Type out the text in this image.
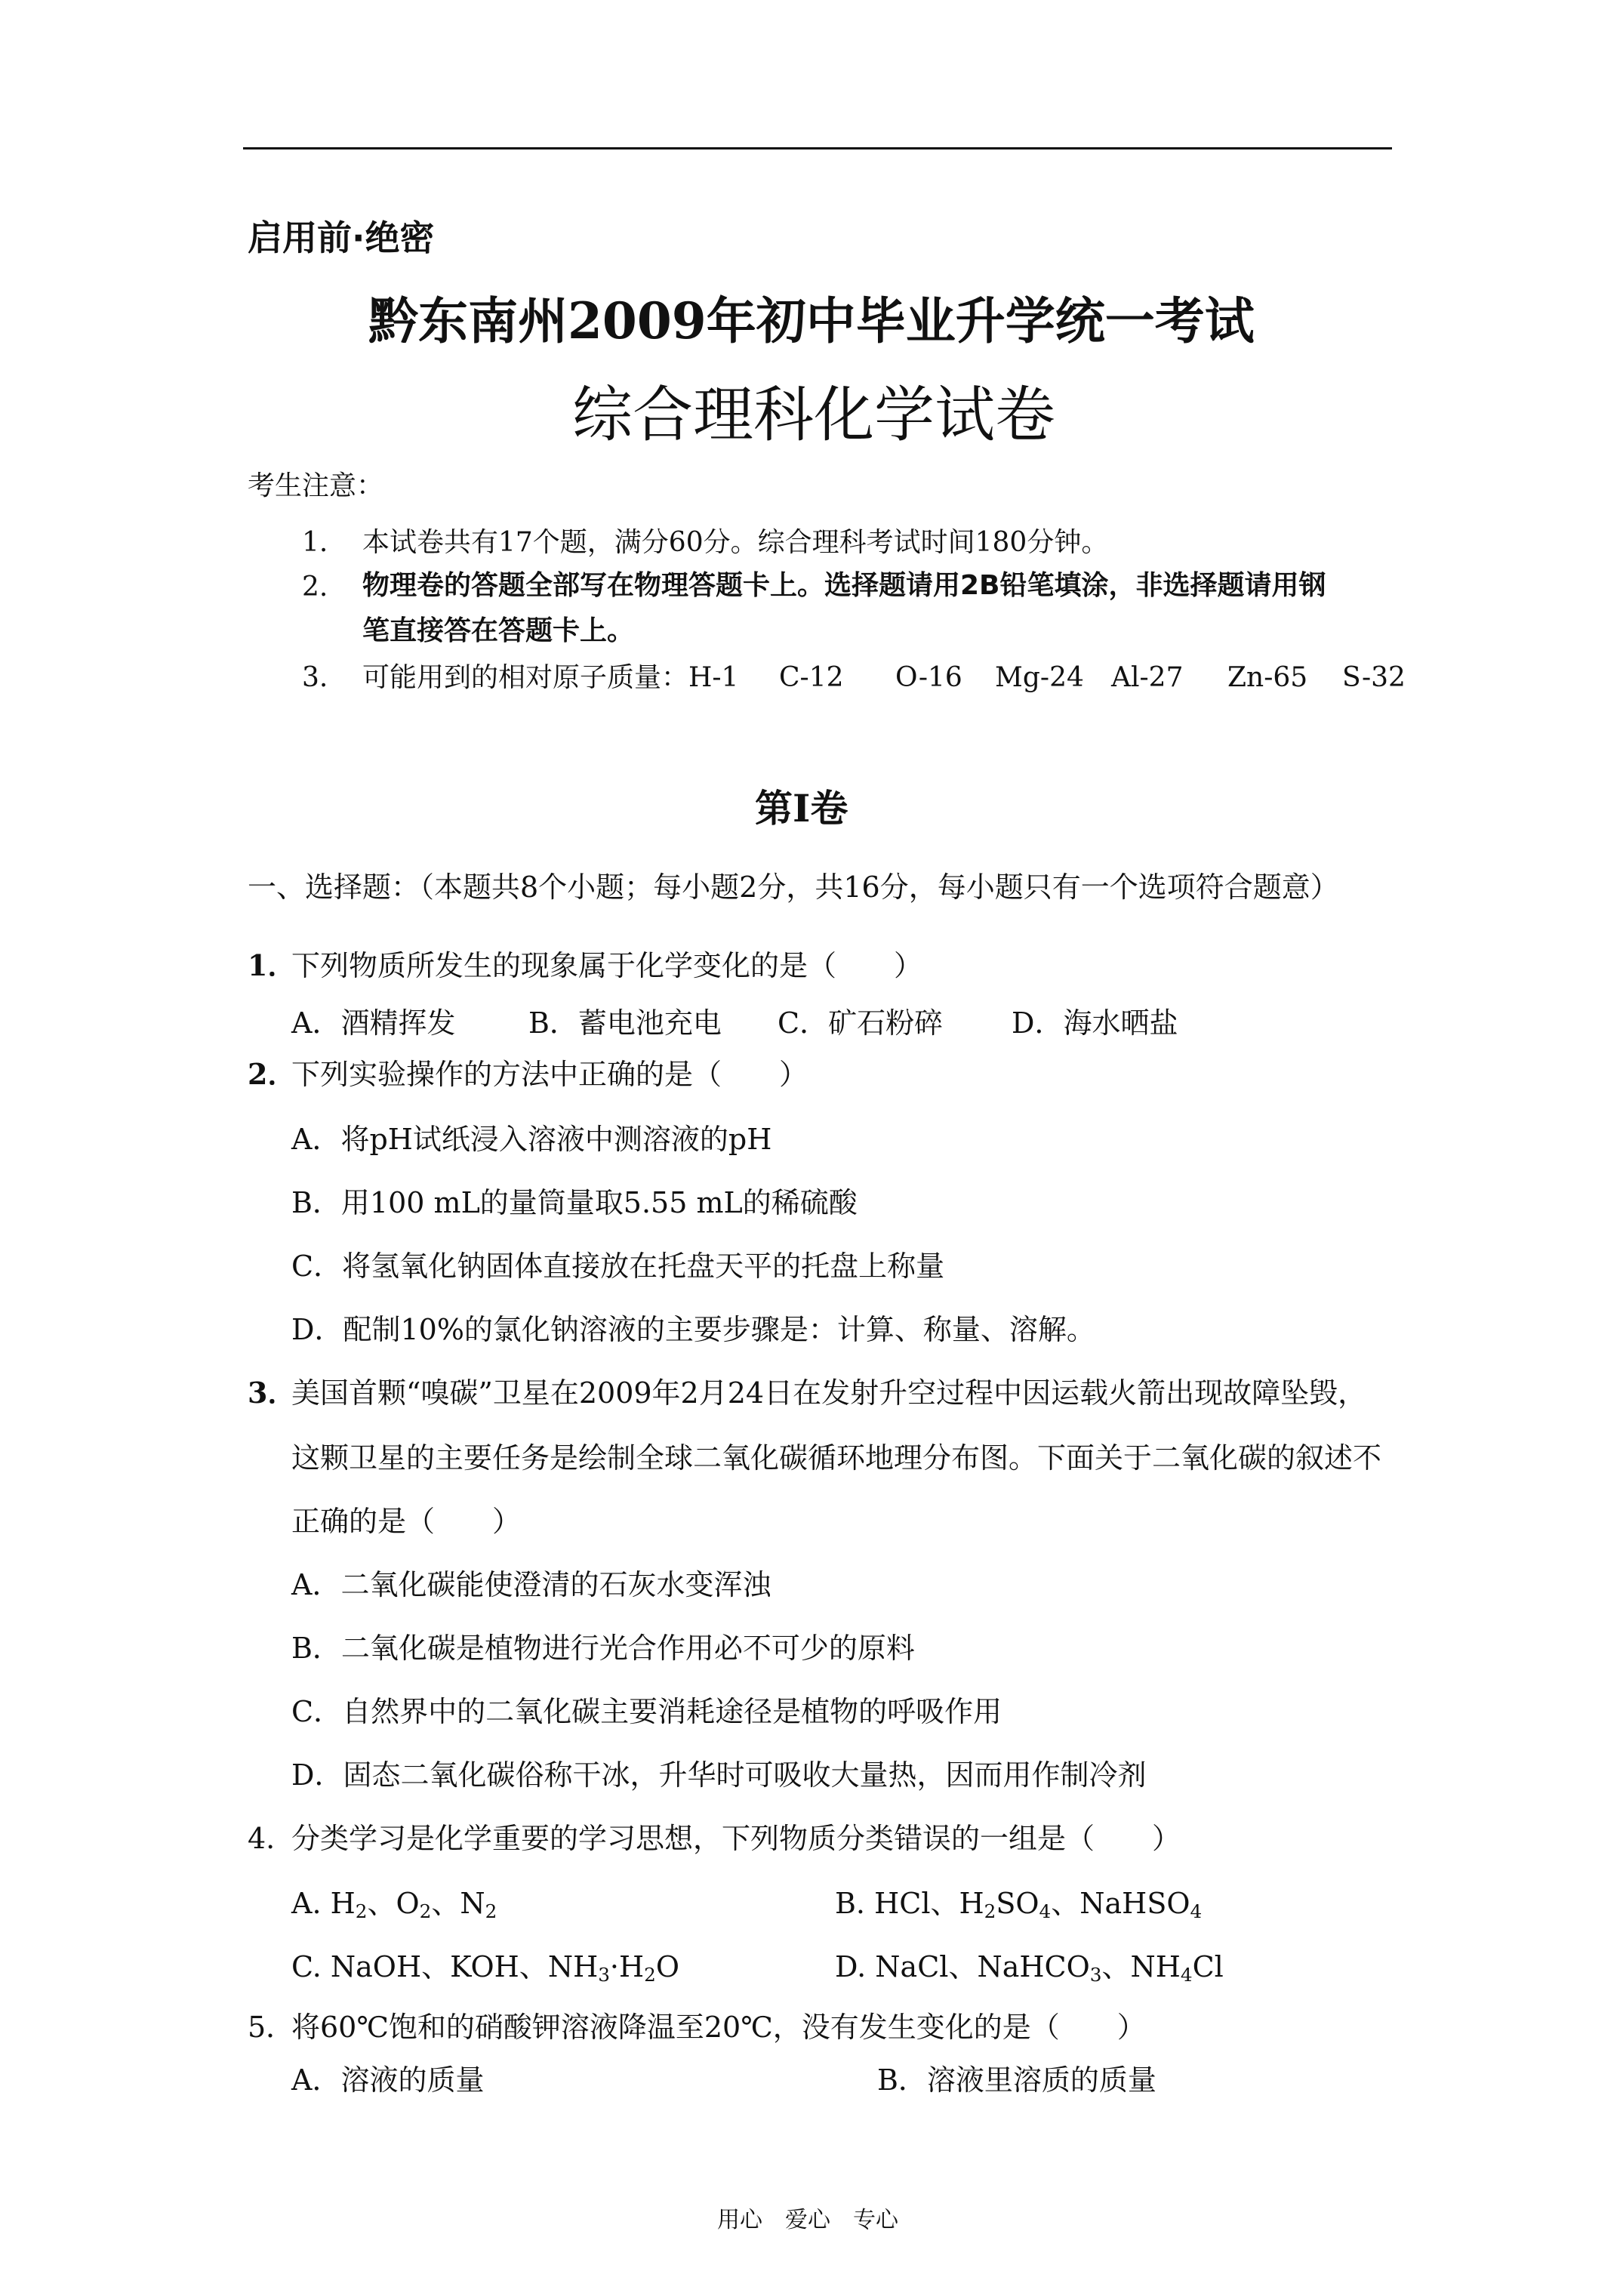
启用前·绝密
黔东南州2009年初中毕业升学统一考试
综合理科化学试卷
考生注意：
1. 本试卷共有17个题，满分60分。综合理科考试时间180分钟。
2. 物理卷的答题全部写在物理答题卡上。选择题请用2B铅笔填涂，非选择题请用钢
笔直接答在答题卡上。
3. 可能用到的相对原子质量：H-1 C-12 O-16 Mg-24 Al-27 Zn-65 S-32
第Ⅰ卷
一、选择题：（本题共8个小题；每小题2分，共16分，每小题只有一个选项符合题意）
1．
下列物质所发生的现象属于化学变化的是（　　）
A．酒精挥发	B．蓄电池充电 C．矿石粉碎 D．海水晒盐
2．
下列实验操作的方法中正确的是（　　）
A．将pH试纸浸入溶液中测溶液的pH
B．用100 mL的量筒量取5.55 mL的稀硫酸
C．将氢氧化钠固体直接放在托盘天平的托盘上称量
D．配制10%的氯化钠溶液的主要步骤是：计算、称量、溶解。
3．
美国首颗“嗅碳”卫星在2009年2月24日在发射升空过程中因运载火箭出现故障坠毁，
这颗卫星的主要任务是绘制全球二氧化碳循环地理分布图。下面关于二氧化碳的叙述不
正确的是（　　）
A．二氧化碳能使澄清的石灰水变浑浊
B．二氧化碳是植物进行光合作用必不可少的原料
C．自然界中的二氧化碳主要消耗途径是植物的呼吸作用
D．固态二氧化碳俗称干冰，升华时可吸收大量热，因而用作制冷剂
4. 分类学习是化学重要的学习思想，下列物质分类错误的一组是（　　）
A. $H_2$、$O_2$、$N_2$	B. HCl、$H_2SO_4$、NaHSO$_4$
C. NaOH、KOH、$NH_3\cdot H_2O$	D. NaCl、NaHCO$_3$、$NH_4Cl$
5．
将60℃饱和的硝酸钾溶液降温至20℃，没有发生变化的是（　　）
A．溶液的质量	B．溶液里溶质的质量
用心　爱心　专心
